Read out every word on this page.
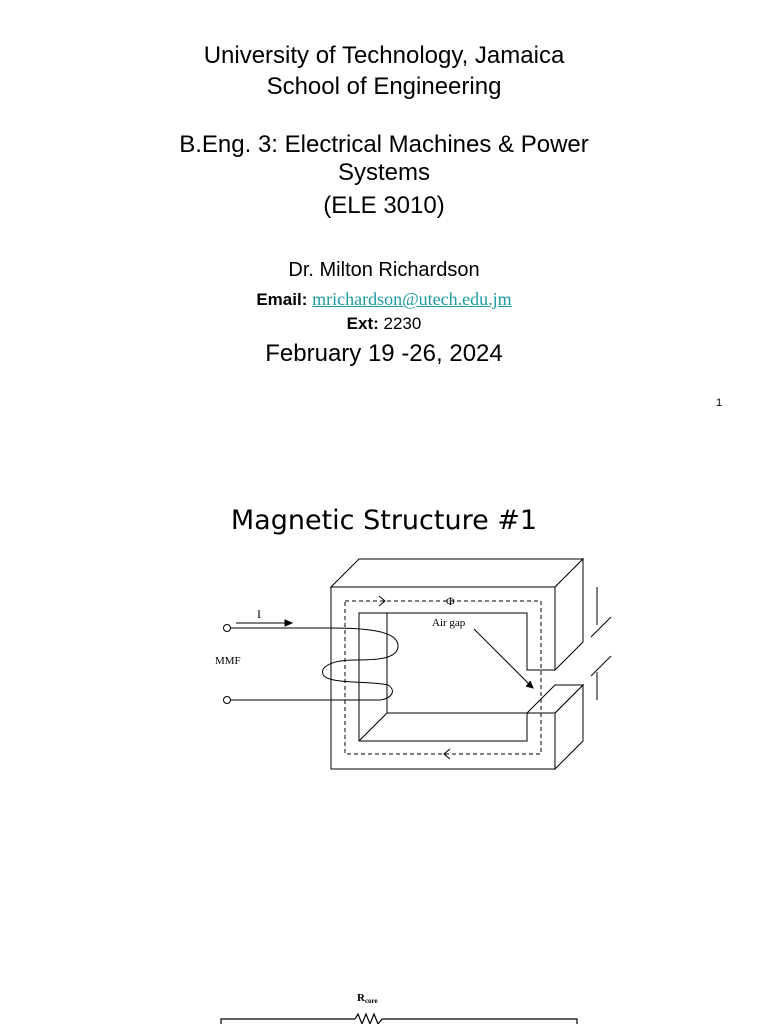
University of Technology, Jamaica
School of Engineering
B.Eng. 3: Electrical Machines & Power
Systems
(ELE 3010)
Dr. Milton Richardson
Email: mrichardson@utech.edu.jm
Ext: 2230
February 19 -26, 2024
1
Magnetic Structure #1
I
MMF
Φ
Air gap
Rcore
